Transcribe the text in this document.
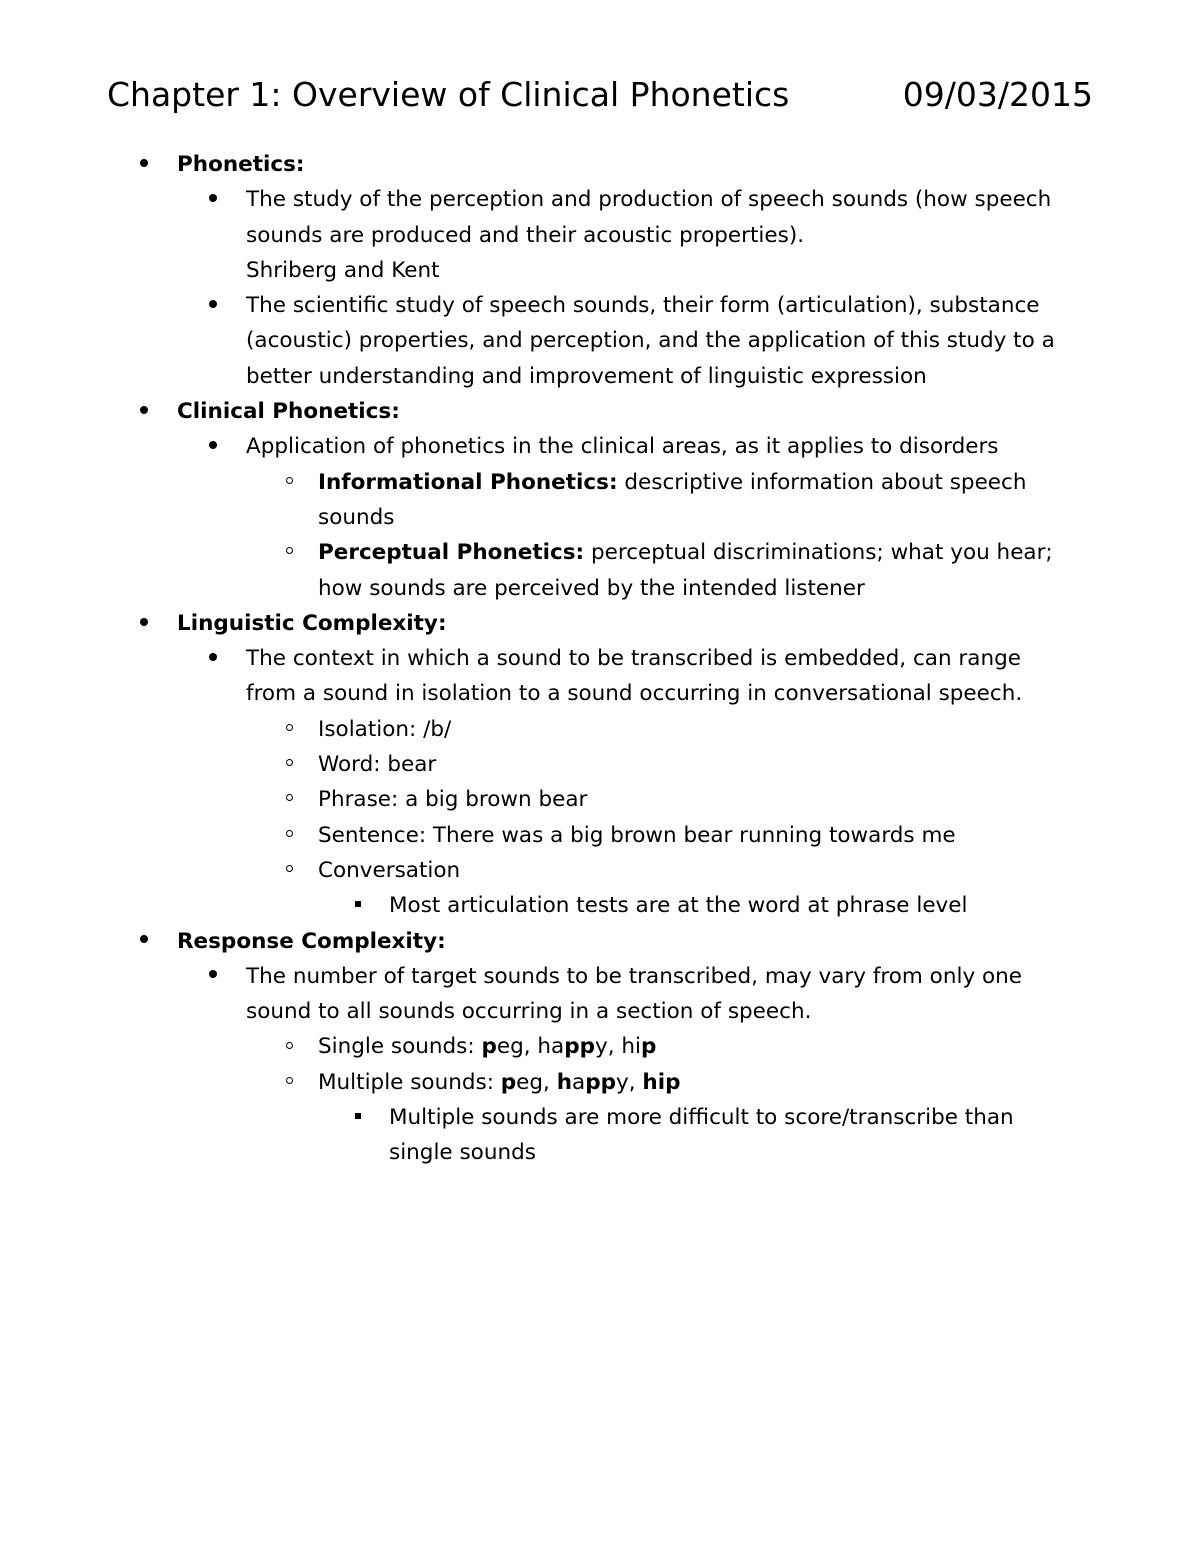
Chapter 1: Overview of Clinical Phonetics	09/03/2015
Phonetics:
The study of the perception and production of speech sounds (how speech sounds are produced and their acoustic properties).
Shriberg and Kent
The scientific study of speech sounds, their form (articulation), substance (acoustic) properties, and perception, and the application of this study to a better understanding and improvement of linguistic expression
Clinical Phonetics:
Application of phonetics in the clinical areas, as it applies to disorders
Informational Phonetics: descriptive information about speech sounds
Perceptual Phonetics: perceptual discriminations; what you hear; how sounds are perceived by the intended listener
Linguistic Complexity:
The context in which a sound to be transcribed is embedded, can range from a sound in isolation to a sound occurring in conversational speech.
Isolation: /b/
Word: bear
Phrase: a big brown bear
Sentence: There was a big brown bear running towards me
Conversation
Most articulation tests are at the word at phrase level
Response Complexity:
The number of target sounds to be transcribed, may vary from only one sound to all sounds occurring in a section of speech.
Single sounds: peg, happy, hip
Multiple sounds: peg, happy, hip
Multiple sounds are more difficult to score/transcribe than single sounds
